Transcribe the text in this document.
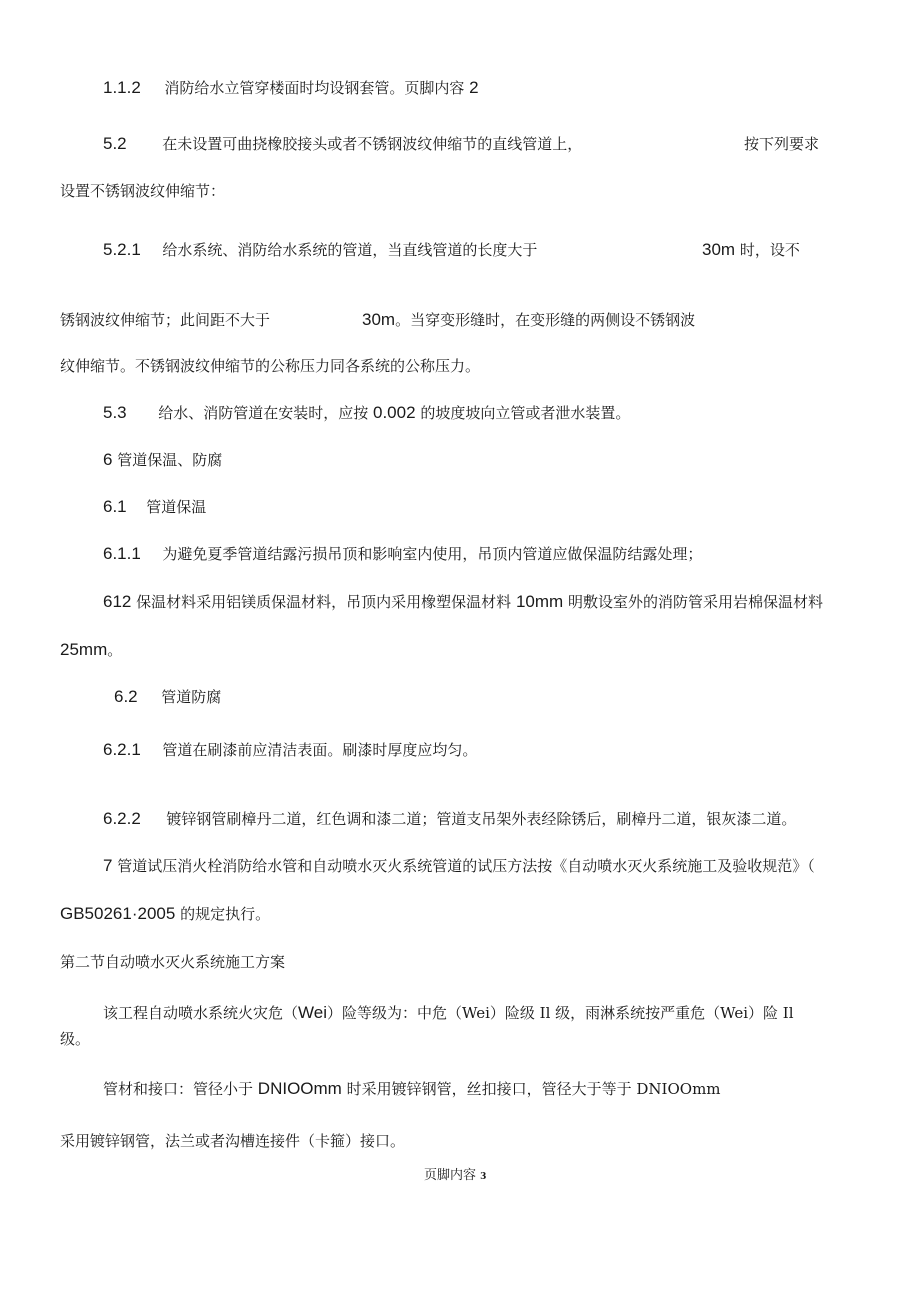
1.1.2 消防给水立管穿楼面时均设钢套管。页脚内容 2
5.2 在未设置可曲挠橡胶接头或者不锈钢波纹伸缩节的直线管道上，	按下列要求
设置不锈钢波纹伸缩节：
5.2.1 给水系统、消防给水系统的管道，当直线管道的长度大于	30m 时，设不
锈钢波纹伸缩节；此间距不大于	30m。当穿变形缝时，在变形缝的两侧设不锈钢波
纹伸缩节。不锈钢波纹伸缩节的公称压力同各系统的公称压力。
5.3 给水、消防管道在安装时，应按 0.002 的坡度坡向立管或者泄水装置。
6 管道保温、防腐
6.1 管道保温
6.1.1 为避免夏季管道结露污损吊顶和影响室内使用，吊顶内管道应做保温防结露处理；
612 保温材料采用铝镁质保温材料，吊顶内采用橡塑保温材料 10mm 明敷设室外的消防管采用岩棉保温材料
25mm。
6.2 管道防腐
6.2.1 管道在刷漆前应清洁表面。刷漆时厚度应均匀。
6.2.2 镀锌钢管刷樟丹二道，红色调和漆二道；管道支吊架外表经除锈后，刷樟丹二道，银灰漆二道。
7 管道试压消火栓消防给水管和自动喷水灭火系统管道的试压方法按《自动喷水灭火系统施工及验收规范》（
GB50261·2005 的规定执行。
第二节自动喷水灭火系统施工方案
该工程自动喷水系统火灾危（Wei）险等级为：中危（Wei）险级 Il 级，雨淋系统按严重危（Wei）险 Il
级。
管材和接口：管径小于 DNIOOmm 时采用镀锌钢管，丝扣接口，管径大于等于 DNIOOmm
采用镀锌钢管，法兰或者沟槽连接件（卡箍）接口。
页脚内容 3
